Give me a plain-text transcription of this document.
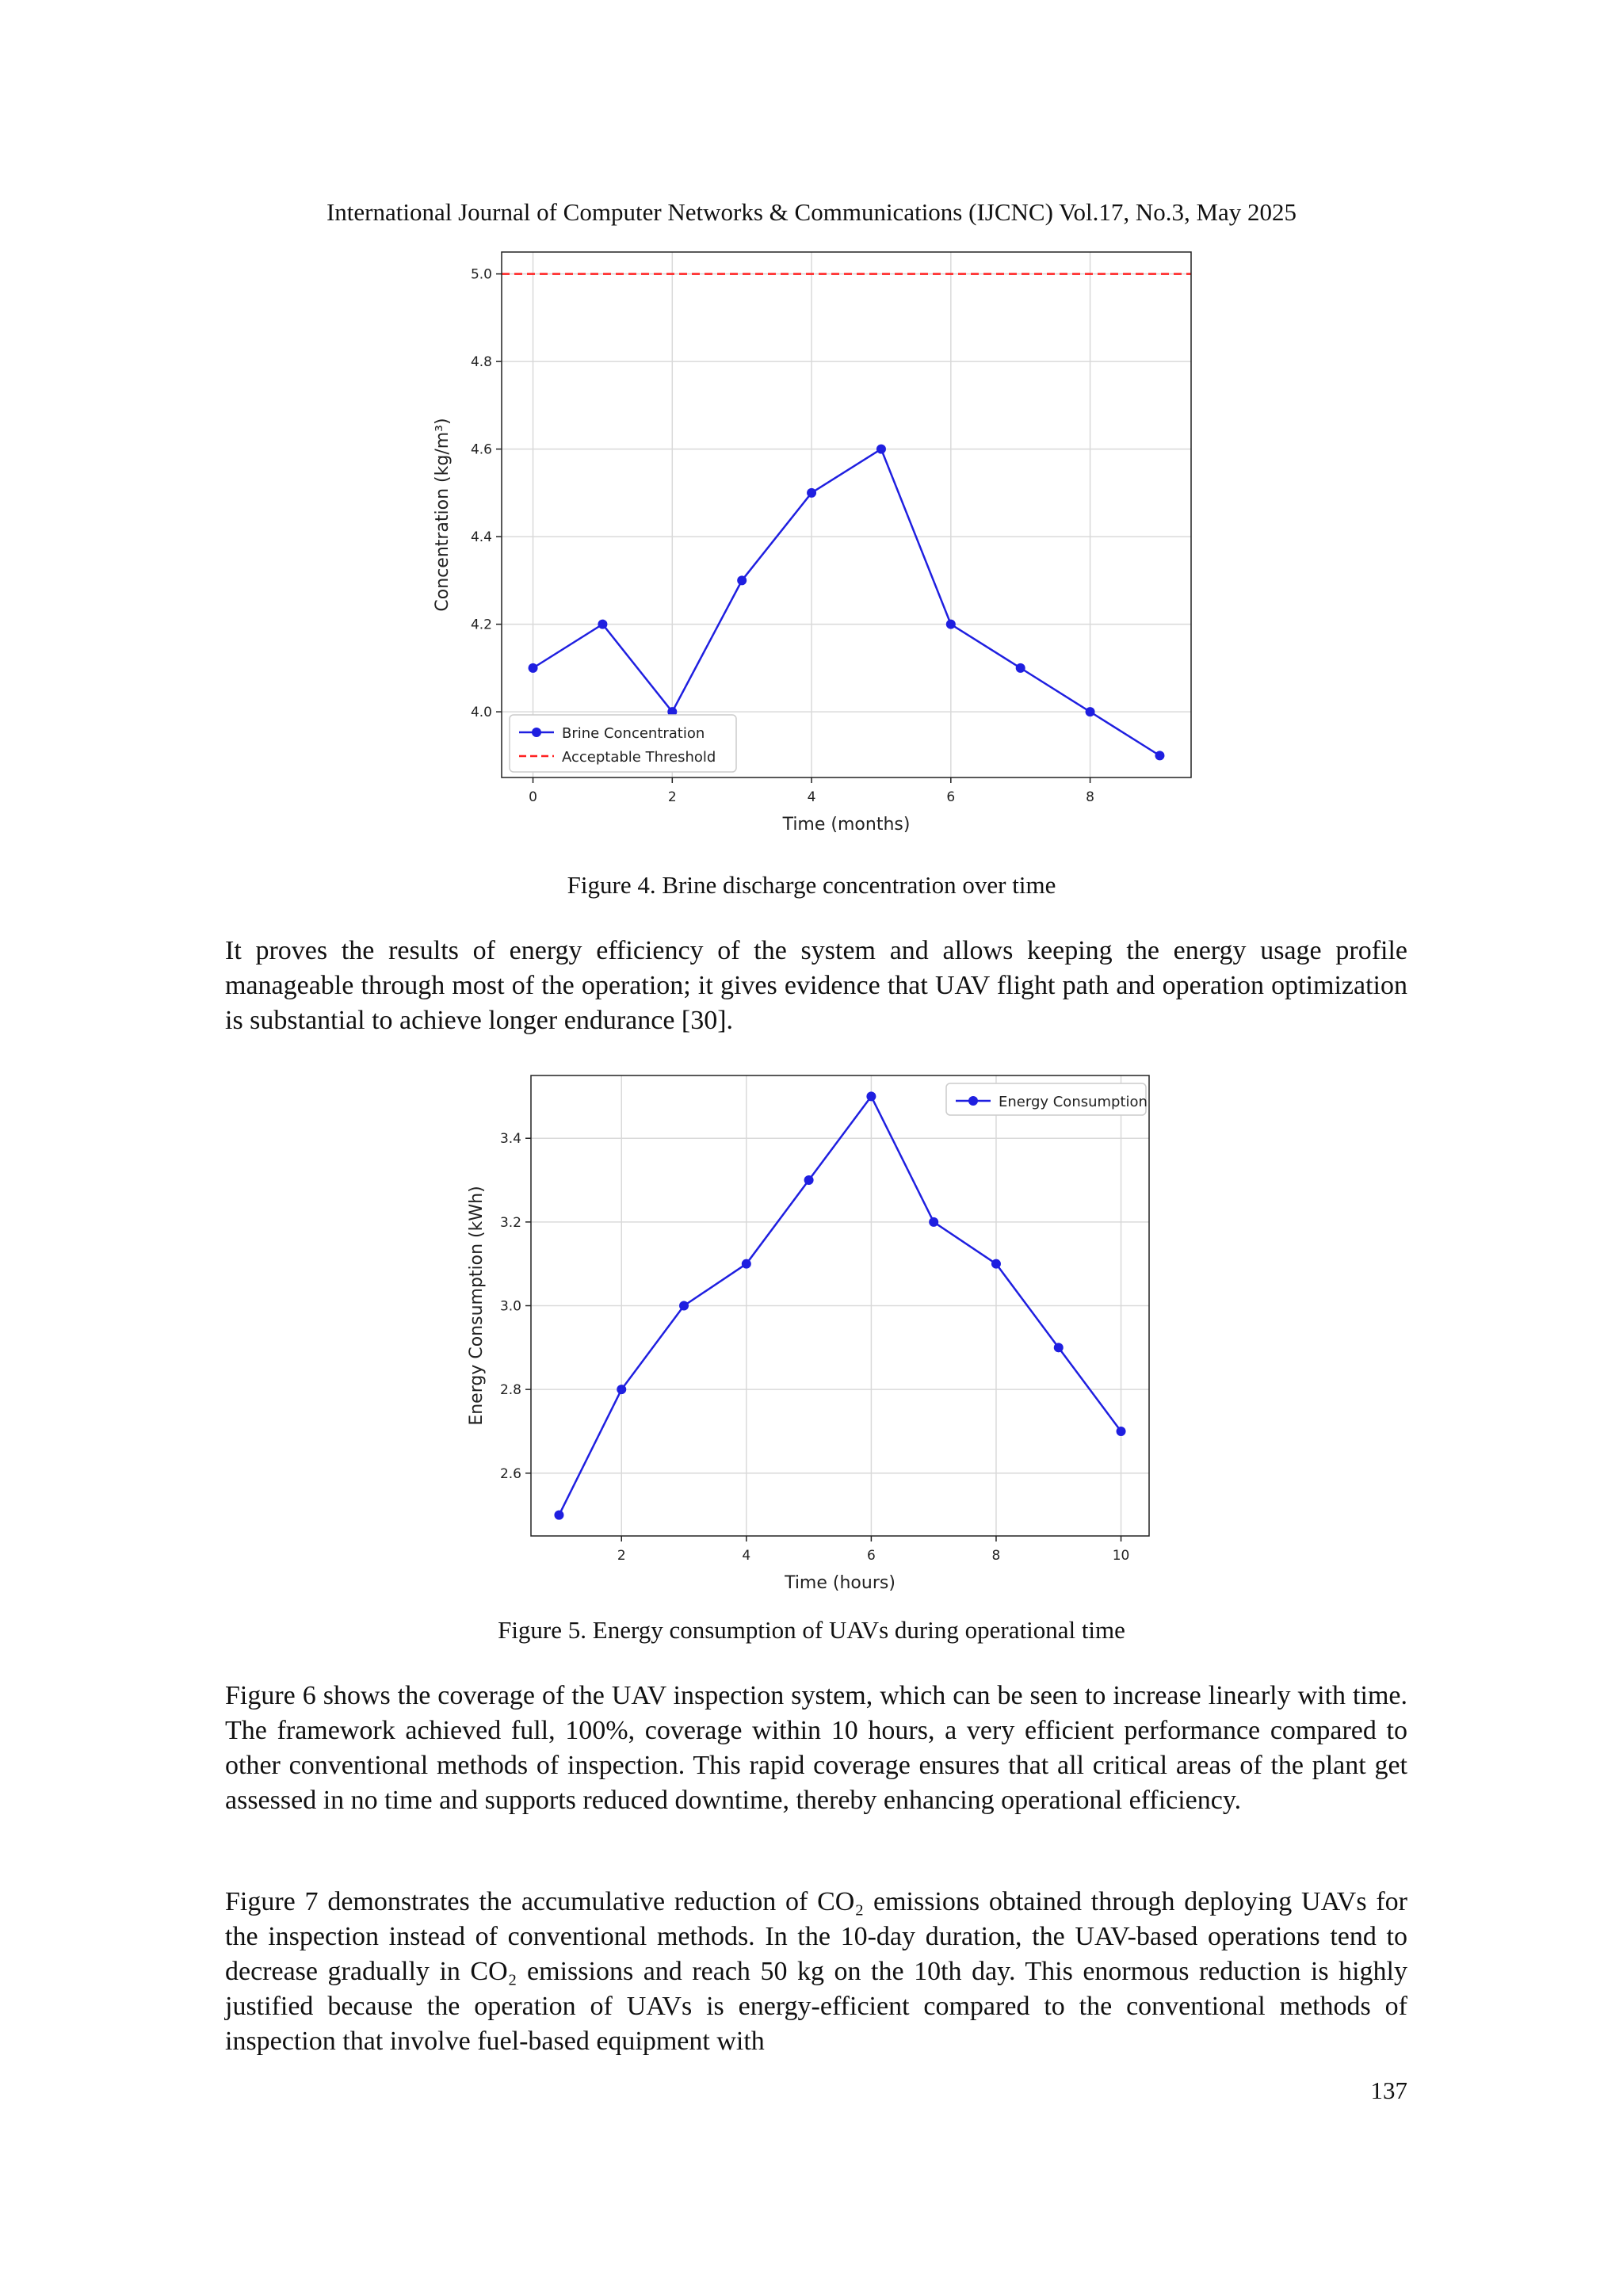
International Journal of Computer Networks & Communications (IJCNC) Vol.17, No.3, May 2025
0	2	4	6	8
4.0
4.2
4.4
4.6
4.8
5.0
Time (months)
Concentration (kg/m³)
Brine Concentration
Acceptable Threshold
Figure 4. Brine discharge concentration over time

It proves the results of energy efficiency of the system and allows keeping the energy usage profile manageable through most of the operation; it gives evidence that UAV flight path and operation optimization is substantial to achieve longer endurance [30].

2	4	6	8	10
2.6
2.8
3.0
3.2
3.4
Time (hours)
Energy Consumption (kWh)
Energy Consumption
Figure 5. Energy consumption of UAVs during operational time

Figure 6 shows the coverage of the UAV inspection system, which can be seen to increase linearly with time. The framework achieved full, 100%, coverage within 10 hours, a very efficient performance compared to other conventional methods of inspection. This rapid coverage ensures that all critical areas of the plant get assessed in no time and supports reduced downtime, thereby enhancing operational efficiency.

Figure 7 demonstrates the accumulative reduction of CO₂ emissions obtained through deploying UAVs for the inspection instead of conventional methods. In the 10-day duration, the UAV-based operations tend to decrease gradually in CO₂ emissions and reach 50 kg on the 10th day. This enormous reduction is highly justified because the operation of UAVs is energy-efficient compared to the conventional methods of inspection that involve fuel-based equipment with

137
